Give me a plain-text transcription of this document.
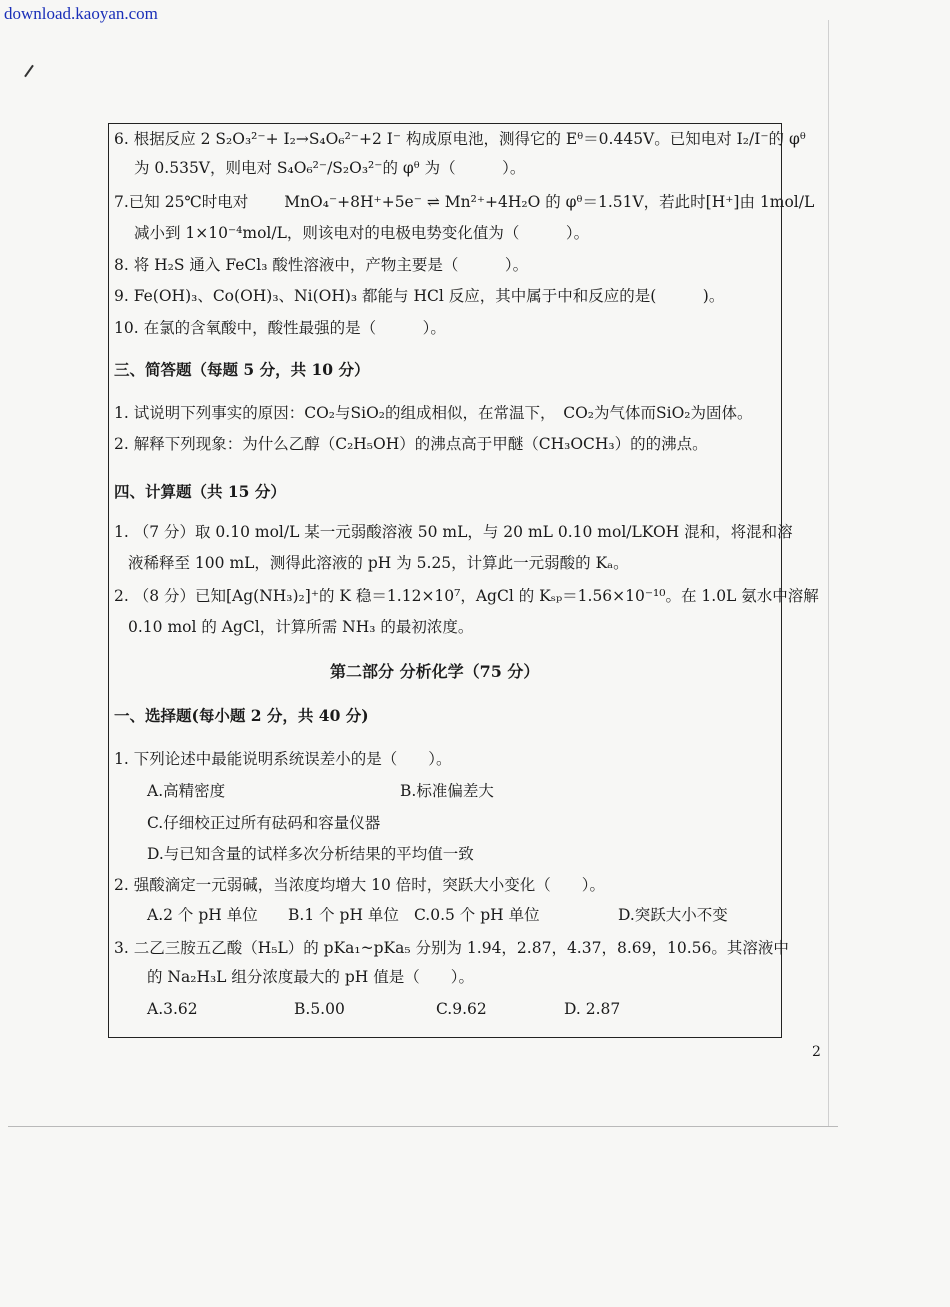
download.kaoyan.com
6. 根据反应 2 S₂O₃²⁻+ I₂→S₄O₆²⁻+2 I⁻ 构成原电池，测得它的 Eᶿ＝0.445V。已知电对 I₂/I⁻的 φᶿ
为 0.535V，则电对 S₄O₆²⁻/S₂O₃²⁻的 φᶿ 为（　　　）。
7.已知 25℃时电对　　 MnO₄⁻+8H⁺+5e⁻ ⇌ Mn²⁺+4H₂O 的 φᶿ＝1.51V，若此时[H⁺]由 1mol/L
减小到 1×10⁻⁴mol/L，则该电对的电极电势变化值为（　　　）。
8. 将 H₂S 通入 FeCl₃ 酸性溶液中，产物主要是（　　　）。
9. Fe(OH)₃、Co(OH)₃、Ni(OH)₃ 都能与 HCl 反应，其中属于中和反应的是(　　　)。
10. 在氯的含氧酸中，酸性最强的是（　　　）。
三、简答题（每题 5 分，共 10 分）
1. 试说明下列事实的原因：CO₂与SiO₂的组成相似，在常温下，　CO₂为气体而SiO₂为固体。
2. 解释下列现象：为什么乙醇（C₂H₅OH）的沸点高于甲醚（CH₃OCH₃）的的沸点。
四、计算题（共 15 分）
1. （7 分）取 0.10 mol/L 某一元弱酸溶液 50 mL，与 20 mL 0.10 mol/LKOH 混和，将混和溶
液稀释至 100 mL，测得此溶液的 pH 为 5.25，计算此一元弱酸的 Kₐ。
2. （8 分）已知[Ag(NH₃)₂]⁺的 K 稳＝1.12×10⁷，AgCl 的 Kₛₚ＝1.56×10⁻¹⁰。在 1.0L 氨水中溶解
0.10 mol 的 AgCl，计算所需 NH₃ 的最初浓度。
第二部分 分析化学（75 分）
一、选择题(每小题 2 分，共 40 分)
1. 下列论述中最能说明系统误差小的是（　　）。
A.高精密度	B.标准偏差大
C.仔细校正过所有砝码和容量仪器
D.与已知含量的试样多次分析结果的平均值一致
2. 强酸滴定一元弱碱，当浓度均增大 10 倍时，突跃大小变化（　　）。
A.2 个 pH 单位 B.1 个 pH 单位 C.0.5 个 pH 单位	D.突跃大小不变
3. 二乙三胺五乙酸（H₅L）的 pKa₁~pKa₅ 分别为 1.94，2.87，4.37，8.69，10.56。其溶液中
的 Na₂H₃L 组分浓度最大的 pH 值是（　　）。
A.3.62	B.5.00	C.9.62	D. 2.87
2
